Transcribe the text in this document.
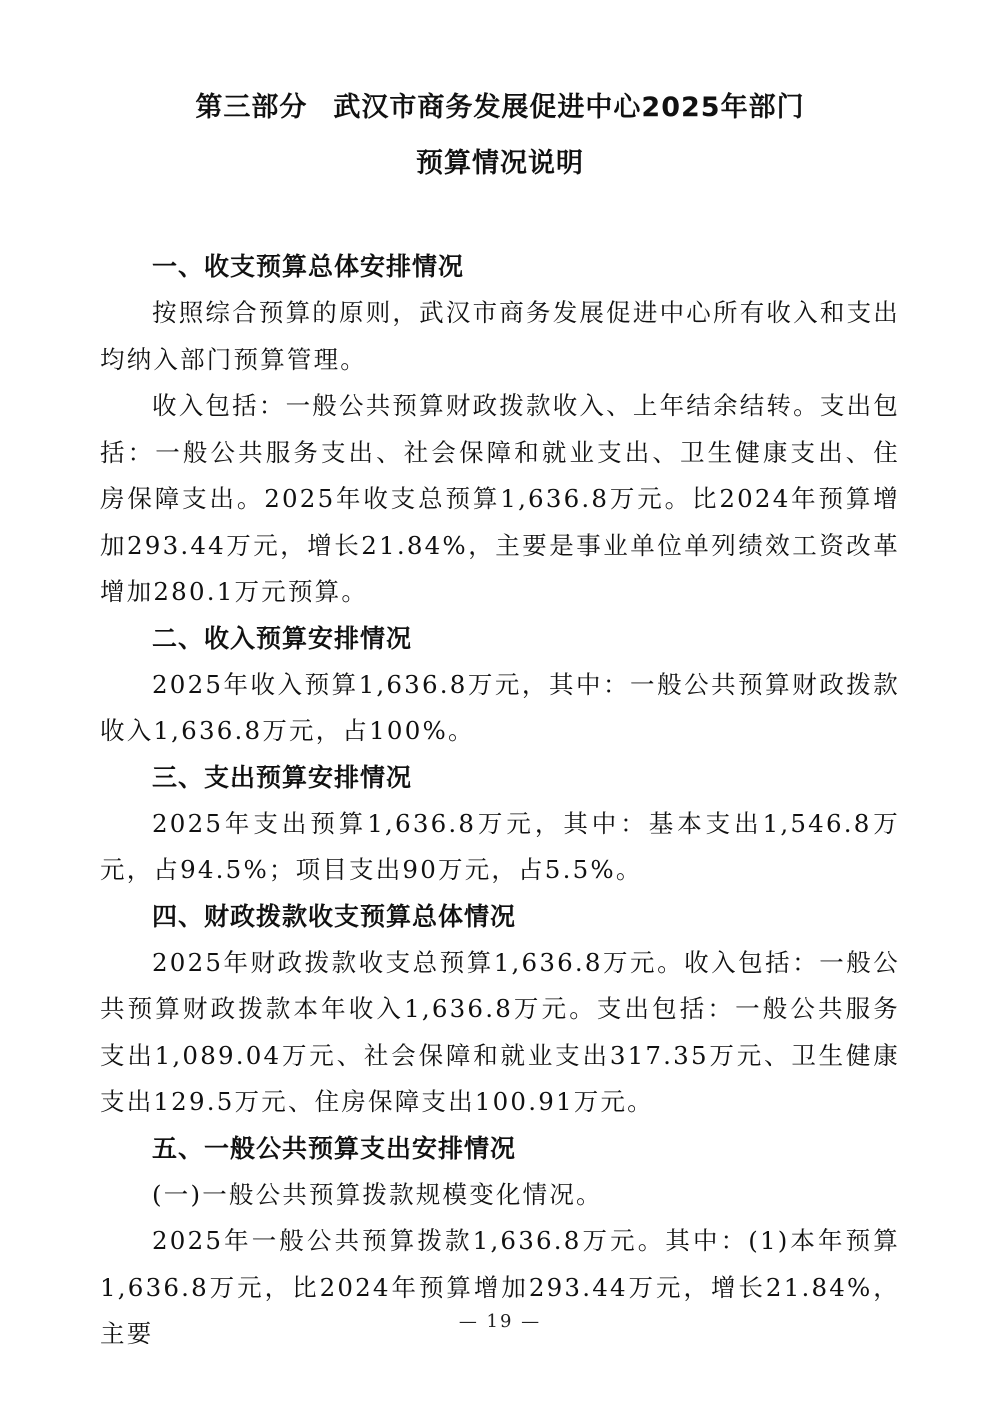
第三部分 武汉市商务发展促进中心2025年部门
预算情况说明

一、收支预算总体安排情况

按照综合预算的原则，武汉市商务发展促进中心所有收入和支出均纳入部门预算管理。

收入包括：一般公共预算财政拨款收入、上年结余结转。支出包括：一般公共服务支出、社会保障和就业支出、卫生健康支出、住房保障支出。2025年收支总预算1,636.8万元。比2024年预算增加293.44万元，增长21.84%，主要是事业单位单列绩效工资改革增加280.1万元预算。

二、收入预算安排情况

2025年收入预算1,636.8万元，其中：一般公共预算财政拨款收入1,636.8万元，占100%。

三、支出预算安排情况

2025年支出预算1,636.8万元，其中：基本支出1,546.8万元，占94.5%；项目支出90万元，占5.5%。

四、财政拨款收支预算总体情况

2025年财政拨款收支总预算1,636.8万元。收入包括：一般公共预算财政拨款本年收入1,636.8万元。支出包括：一般公共服务支出1,089.04万元、社会保障和就业支出317.35万元、卫生健康支出129.5万元、住房保障支出100.91万元。

五、一般公共预算支出安排情况

(一)一般公共预算拨款规模变化情况。

2025年一般公共预算拨款1,636.8万元。其中：(1)本年预算1,636.8万元，比2024年预算增加293.44万元，增长21.84%，主要	— 19 —
